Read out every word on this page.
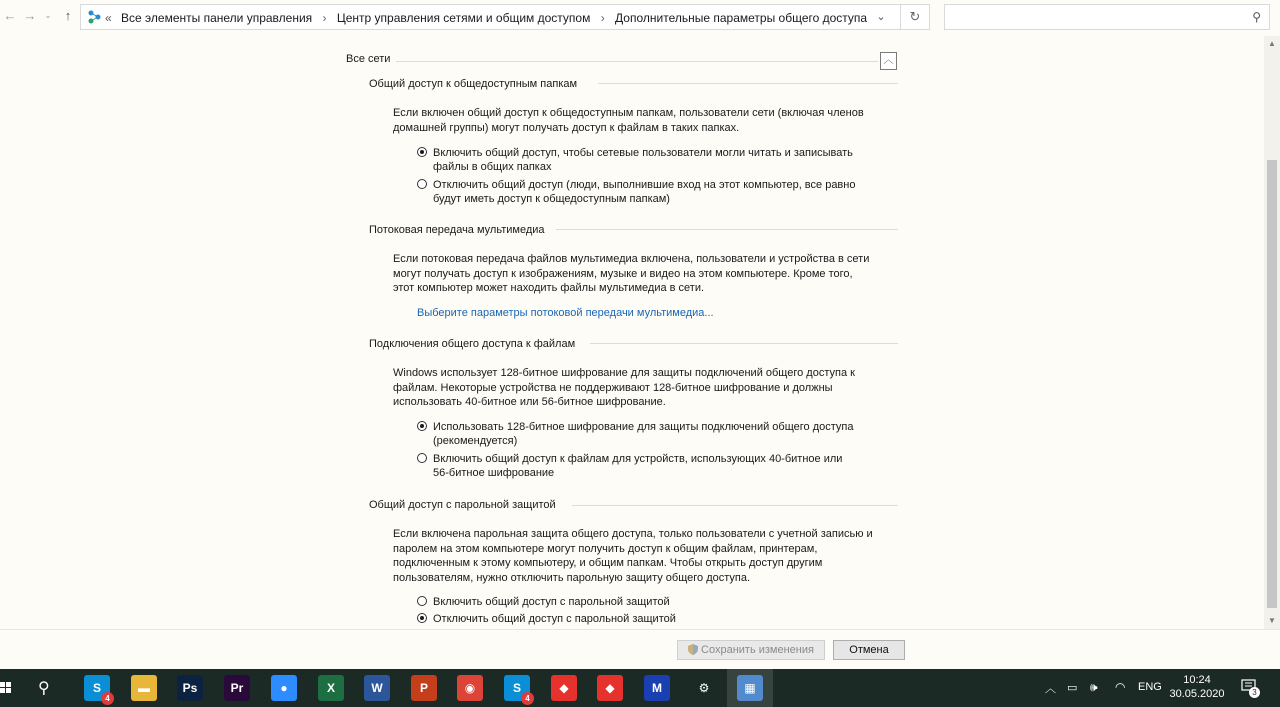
← →	⌄	↑	« Все элементы панели управления › Центр управления сетями и общим доступом › Дополнительные параметры общего доступа ⌄	↻	⚲
Все сети	︿
Общий доступ к общедоступным папкам
Если включен общий доступ к общедоступным папкам, пользователи сети (включая членов
домашней группы) могут получать доступ к файлам в таких папках.
Включить общий доступ, чтобы сетевые пользователи могли читать и записывать
файлы в общих папках
Отключить общий доступ (люди, выполнившие вход на этот компьютер, все равно
будут иметь доступ к общедоступным папкам)
Потоковая передача мультимедиа
Если потоковая передача файлов мультимедиа включена, пользователи и устройства в сети
могут получать доступ к изображениям, музыке и видео на этом компьютере. Кроме того,
этот компьютер может находить файлы мультимедиа в сети.
Выберите параметры потоковой передачи мультимедиа...
Подключения общего доступа к файлам
Windows использует 128-битное шифрование для защиты подключений общего доступа к
файлам. Некоторые устройства не поддерживают 128-битное шифрование и должны
использовать 40-битное или 56-битное шифрование.
Использовать 128-битное шифрование для защиты подключений общего доступа
(рекомендуется)
Включить общий доступ к файлам для устройств, использующих 40-битное или
56-битное шифрование
Общий доступ с парольной защитой
Если включена парольная защита общего доступа, только пользователи с учетной записью и
паролем на этом компьютере могут получить доступ к общим файлам, принтерам,
подключенным к этому компьютеру, и общим папкам. Чтобы открыть доступ другим
пользователям, нужно отключить парольную защиту общего доступа.
Включить общий доступ с парольной защитой
Отключить общий доступ с парольной защитой
▲
▼
Сохранить изменения	Отмена
⚲	S
4
▬	Ps	Pr	●	X	W	P	◉	S
4
◆	◆	M	⚙	▦	︿ ▭ 🕪 ◠ ENG
10:24
30.05.2020	3
